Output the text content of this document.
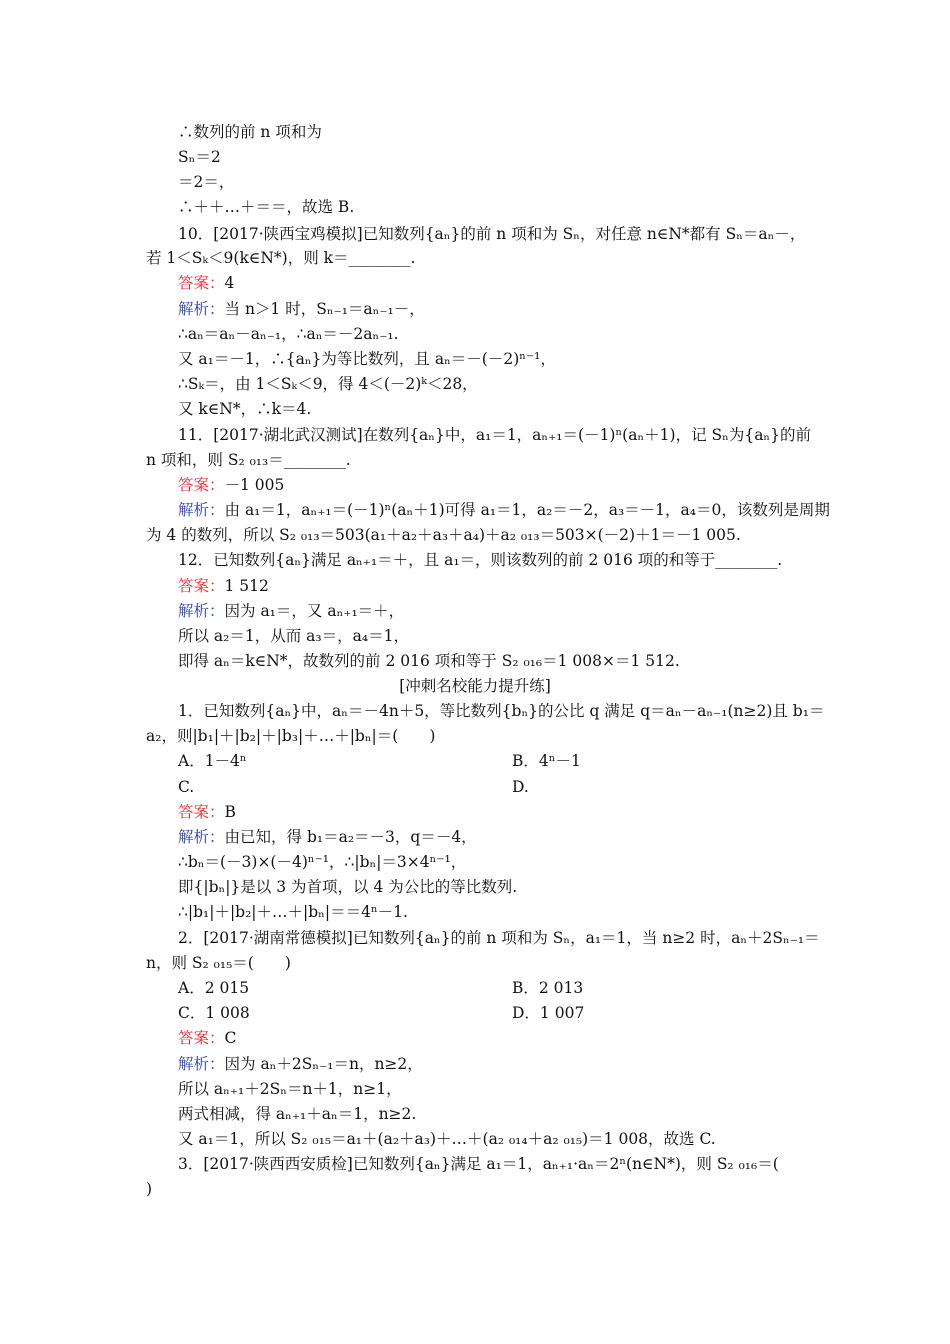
∴数列的前 n 项和为
Sₙ＝2
＝2＝，
∴＋＋…＋＝＝，故选 B.
10．[2017·陕西宝鸡模拟]已知数列{aₙ}的前 n 项和为 Sₙ，对任意 n∈N*都有 Sₙ＝aₙ－，
若 1＜Sₖ＜9(k∈N*)，则 k＝________.
答案：4
解析：当 n＞1 时，Sₙ₋₁＝aₙ₋₁－，
∴aₙ＝aₙ－aₙ₋₁，∴aₙ＝－2aₙ₋₁.
又 a₁＝－1，∴{aₙ}为等比数列，且 aₙ＝－(－2)ⁿ⁻¹，
∴Sₖ＝，由 1＜Sₖ＜9，得 4＜(－2)ᵏ＜28，
又 k∈N*，∴k＝4.
11．[2017·湖北武汉测试]在数列{aₙ}中，a₁＝1，aₙ₊₁＝(－1)ⁿ(aₙ＋1)，记 Sₙ为{aₙ}的前
n 项和，则 S₂ ₀₁₃＝________.
答案：－1 005
解析：由 a₁＝1，aₙ₊₁＝(－1)ⁿ(aₙ＋1)可得 a₁＝1，a₂＝－2，a₃＝－1，a₄＝0，该数列是周期
为 4 的数列，所以 S₂ ₀₁₃＝503(a₁＋a₂＋a₃＋a₄)＋a₂ ₀₁₃＝503×(－2)＋1＝－1 005.
12．已知数列{aₙ}满足 aₙ₊₁＝＋，且 a₁＝，则该数列的前 2 016 项的和等于________.
答案：1 512
解析：因为 a₁＝，又 aₙ₊₁＝＋，
所以 a₂＝1，从而 a₃＝，a₄＝1，
即得 aₙ＝k∈N*，故数列的前 2 016 项和等于 S₂ ₀₁₆＝1 008×＝1 512.
[冲刺名校能力提升练]
1．已知数列{aₙ}中，aₙ＝－4n＋5，等比数列{bₙ}的公比 q 满足 q＝aₙ－aₙ₋₁(n≥2)且 b₁＝
a₂，则|b₁|＋|b₂|＋|b₃|＋…＋|bₙ|＝(　　)
A．1－4ⁿ	B．4ⁿ－1
C.	D.
答案：B
解析：由已知，得 b₁＝a₂＝－3，q＝－4，
∴bₙ＝(－3)×(－4)ⁿ⁻¹，∴|bₙ|＝3×4ⁿ⁻¹，
即{|bₙ|}是以 3 为首项，以 4 为公比的等比数列.
∴|b₁|＋|b₂|＋…＋|bₙ|＝＝4ⁿ－1.
2．[2017·湖南常德模拟]已知数列{aₙ}的前 n 项和为 Sₙ，a₁＝1，当 n≥2 时，aₙ＋2Sₙ₋₁＝
n，则 S₂ ₀₁₅＝(　　)
A．2 015	B．2 013
C．1 008	D．1 007
答案：C
解析：因为 aₙ＋2Sₙ₋₁＝n，n≥2，
所以 aₙ₊₁＋2Sₙ＝n＋1，n≥1，
两式相减，得 aₙ₊₁＋aₙ＝1，n≥2.
又 a₁＝1，所以 S₂ ₀₁₅＝a₁＋(a₂＋a₃)＋…＋(a₂ ₀₁₄＋a₂ ₀₁₅)＝1 008，故选 C.
3．[2017·陕西西安质检]已知数列{aₙ}满足 a₁＝1，aₙ₊₁·aₙ＝2ⁿ(n∈N*)，则 S₂ ₀₁₆＝(
)
